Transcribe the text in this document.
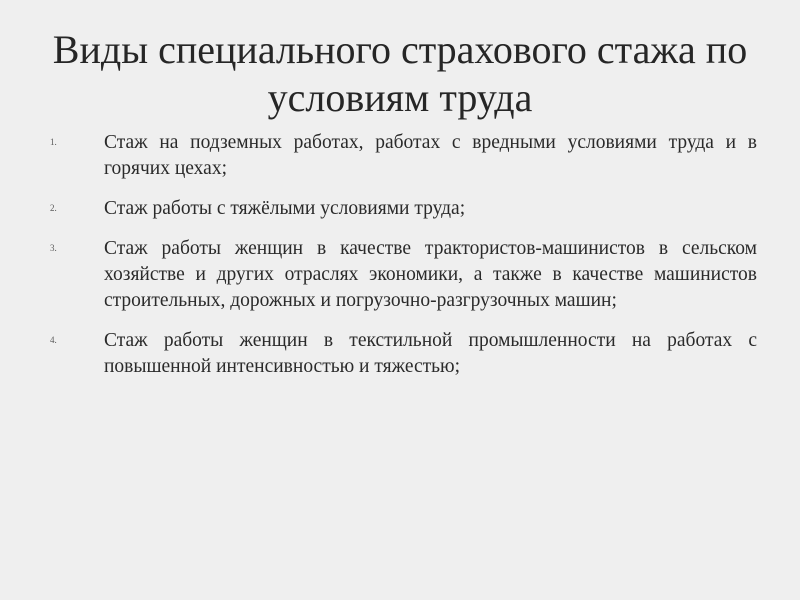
Виды специального страхового стажа по условиям труда
1. Стаж на подземных работах, работах с вредными условиями труда и в горячих цехах;
2. Стаж работы с тяжёлыми условиями труда;
3. Стаж работы женщин в качестве трактористов-машинистов в сельском хозяйстве и других отраслях экономики, а также в качестве машинистов строительных, дорожных и погрузочно-разгрузочных машин;
4. Стаж работы женщин в текстильной промышленности на работах с повышенной интенсивностью и тяжестью;
